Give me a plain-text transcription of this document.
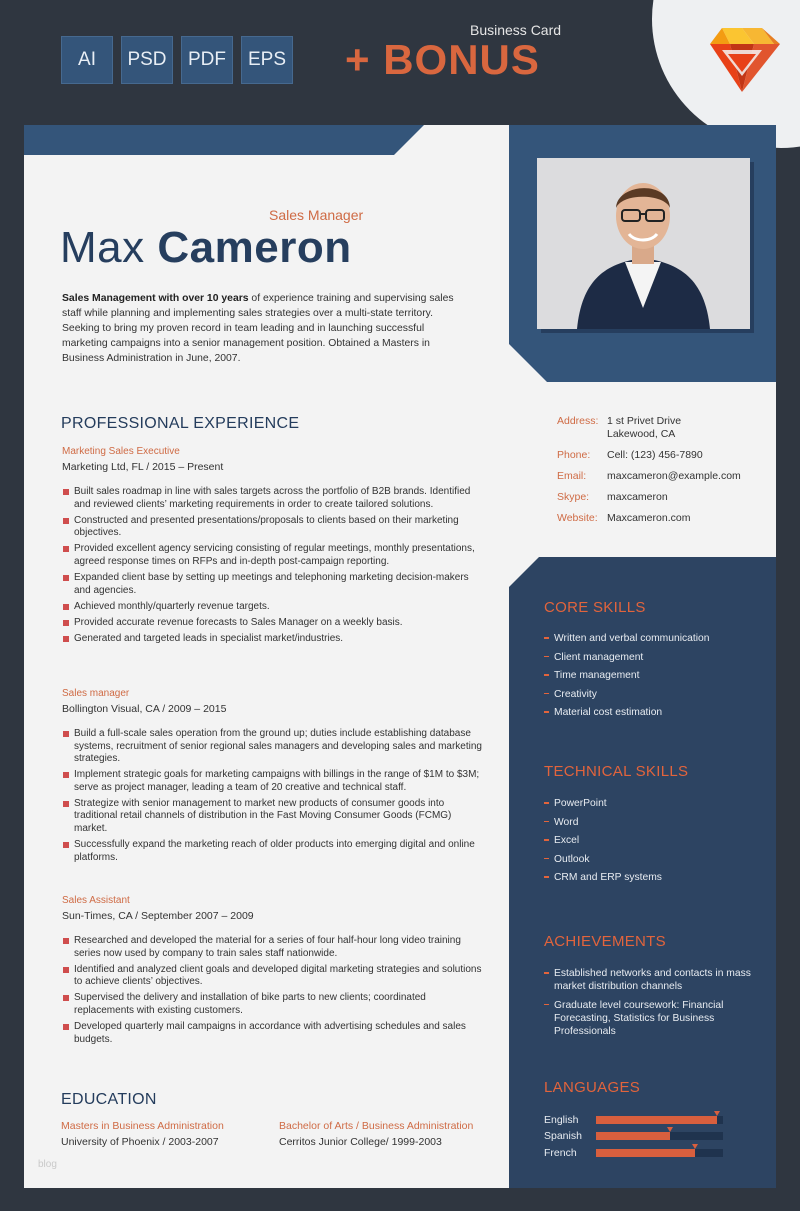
AI	PSD	PDF	EPS + BONUS
Business Card
Sales Manager
Max Cameron
Sales Management with over 10 years of experience training and supervising sales staff while planning and implementing sales strategies over a multi-state territory. Seeking to bring my proven record in team leading and in launching successful marketing campaigns into a senior management position. Obtained a Masters in Business Administration in June, 2007.
PROFESSIONAL EXPERIENCE
Marketing Sales Executive
Marketing Ltd, FL / 2015 – Present
Built sales roadmap in line with sales targets across the portfolio of B2B brands. Identified and reviewed clients’ marketing requirements in order to create tailored solutions.
Constructed and presented presentations/proposals to clients based on their marketing objectives.
Provided excellent agency servicing consisting of regular meetings, monthly presentations, agreed response times on RFPs and in-depth post-campaign reporting.
Expanded client base by setting up meetings and telephoning marketing decision-makers and agencies.
Achieved monthly/quarterly revenue targets.
Provided accurate revenue forecasts to Sales Manager on a weekly basis.
Generated and targeted leads in specialist market/industries.
Sales manager
Bollington Visual, CA / 2009 – 2015
Build a full-scale sales operation from the ground up; duties include establishing database systems, recruitment of senior regional sales managers and developing sales and marketing strategies.
Implement strategic goals for marketing campaigns with billings in the range of $1M to $3M; serve as project manager, leading a team of 20 creative and technical staff.
Strategize with senior management to market new products of consumer goods into traditional retail channels of distribution in the Fast Moving Consumer Goods (FCMG) market.
Successfully expand the marketing reach of older products into emerging digital and online platforms.
Sales Assistant
Sun-Times, CA / September 2007 – 2009
Researched and developed the material for a series of four half-hour long video training series now used by company to train sales staff nationwide.
Identified and analyzed client goals and developed digital marketing strategies and solutions to achieve clients’ objectives.
Supervised the delivery and installation of bike parts to new clients; coordinated replacements with existing customers.
Developed quarterly mail campaigns in accordance with advertising schedules and sales budgets.
EDUCATION
Masters in Business Administration
University of Phoenix / 2003-2007
Bachelor of Arts / Business Administration
Cerritos Junior College/ 1999-2003
blog
Address: 1 st Privet Drive
Lakewood, CA
Phone:	Cell: (123) 456-7890
Email:	maxcameron@example.com
Skype:	maxcameron
Website: Maxcameron.com
CORE SKILLS
Written and verbal communication
Client management
Time management
Creativity
Material cost estimation
TECHNICAL SKILLS
PowerPoint
Word
Excel
Outlook
CRM and ERP systems
ACHIEVEMENTS
Established networks and contacts in mass market distribution channels
Graduate level coursework: Financial Forecasting, Statistics for Business Professionals
LANGUAGES
English
Spanish
French
